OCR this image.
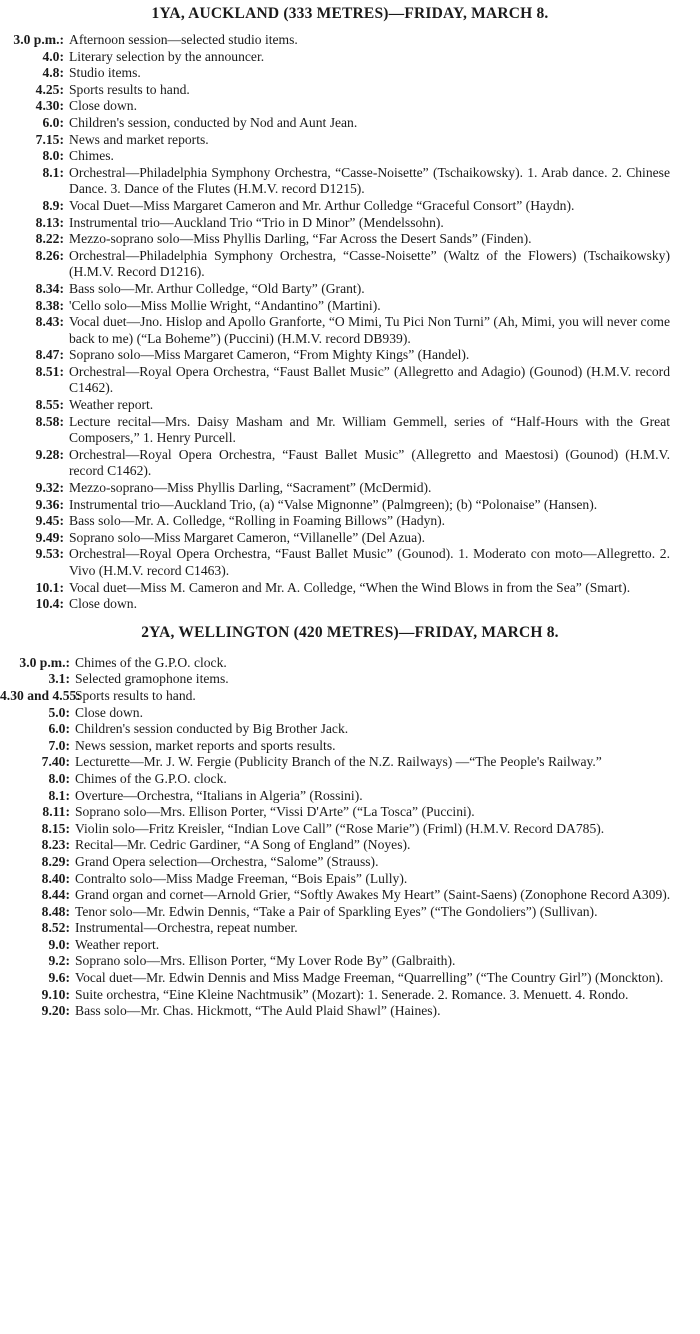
1YA, AUCKLAND (333 METRES)—FRIDAY, MARCH 8.
3.0 p.m.: Afternoon session—selected studio items.
4.0: Literary selection by the announcer.
4.8: Studio items.
4.25: Sports results to hand.
4.30: Close down.
6.0: Children's session, conducted by Nod and Aunt Jean.
7.15: News and market reports.
8.0: Chimes.
8.1: Orchestral—Philadelphia Symphony Orchestra, “Casse-Noisette” (Tschaikowsky). 1. Arab dance. 2. Chinese Dance. 3. Dance of the Flutes (H.M.V. record D1215).
8.9: Vocal Duet—Miss Margaret Cameron and Mr. Arthur Colledge “Graceful Consort” (Haydn).
8.13: Instrumental trio—Auckland Trio “Trio in D Minor” (Mendelssohn).
8.22: Mezzo-soprano solo—Miss Phyllis Darling, “Far Across the Desert Sands” (Finden).
8.26: Orchestral—Philadelphia Symphony Orchestra, “Casse-Noisette” (Waltz of the Flowers) (Tschaikowsky) (H.M.V. Record D1216).
8.34: Bass solo—Mr. Arthur Colledge, “Old Barty” (Grant).
8.38: 'Cello solo—Miss Mollie Wright, “Andantino” (Martini).
8.43: Vocal duet—Jno. Hislop and Apollo Granforte, “O Mimi, Tu Pici Non Turni” (Ah, Mimi, you will never come back to me) (“La Boheme”) (Puccini) (H.M.V. record DB939).
8.47: Soprano solo—Miss Margaret Cameron, “From Mighty Kings” (Handel).
8.51: Orchestral—Royal Opera Orchestra, “Faust Ballet Music” (Allegretto and Adagio) (Gounod) (H.M.V. record C1462).
8.55: Weather report.
8.58: Lecture recital—Mrs. Daisy Masham and Mr. William Gemmell, series of “Half-Hours with the Great Composers,” 1. Henry Purcell.
9.28: Orchestral—Royal Opera Orchestra, “Faust Ballet Music” (Allegretto and Maestosi) (Gounod) (H.M.V. record C1462).
9.32: Mezzo-soprano—Miss Phyllis Darling, “Sacrament” (McDermid).
9.36: Instrumental trio—Auckland Trio, (a) “Valse Mignonne” (Palmgreen); (b) “Polonaise” (Hansen).
9.45: Bass solo—Mr. A. Colledge, “Rolling in Foaming Billows” (Hadyn).
9.49: Soprano solo—Miss Margaret Cameron, “Villanelle” (Del Azua).
9.53: Orchestral—Royal Opera Orchestra, “Faust Ballet Music” (Gounod). 1. Moderato con moto—Allegretto. 2. Vivo (H.M.V. record C1463).
10.1: Vocal duet—Miss M. Cameron and Mr. A. Colledge, “When the Wind Blows in from the Sea” (Smart).
10.4: Close down.
2YA, WELLINGTON (420 METRES)—FRIDAY, MARCH 8.
3.0 p.m.: Chimes of the G.P.O. clock.
3.1: Selected gramophone items.
4.30 and 4.55:
Sports results to hand.
5.0: Close down.
6.0: Children's session conducted by Big Brother Jack.
7.0: News session, market reports and sports results.
7.40: Lecturette—Mr. J. W. Fergie (Publicity Branch of the N.Z. Railways) —“The People's Railway.”
8.0: Chimes of the G.P.O. clock.
8.1: Overture—Orchestra, “Italians in Algeria” (Rossini).
8.11: Soprano solo—Mrs. Ellison Porter, “Vissi D'Arte” (“La Tosca” (Puccini).
8.15: Violin solo—Fritz Kreisler, “Indian Love Call” (“Rose Marie”) (Friml) (H.M.V. Record DA785).
8.23: Recital—Mr. Cedric Gardiner, “A Song of England” (Noyes).
8.29: Grand Opera selection—Orchestra, “Salome” (Strauss).
8.40: Contralto solo—Miss Madge Freeman, “Bois Epais” (Lully).
8.44: Grand organ and cornet—Arnold Grier, “Softly Awakes My Heart” (Saint-Saens) (Zonophone Record A309).
8.48: Tenor solo—Mr. Edwin Dennis, “Take a Pair of Sparkling Eyes” (“The Gondoliers”) (Sullivan).
8.52: Instrumental—Orchestra, repeat number.
9.0: Weather report.
9.2: Soprano solo—Mrs. Ellison Porter, “My Lover Rode By” (Galbraith).
9.6: Vocal duet—Mr. Edwin Dennis and Miss Madge Freeman, “Quarrelling” (“The Country Girl”) (Monckton).
9.10: Suite orchestra, “Eine Kleine Nachtmusik” (Mozart): 1. Senerade. 2. Romance. 3. Menuett. 4. Rondo.
9.20: Bass solo—Mr. Chas. Hickmott, “The Auld Plaid Shawl” (Haines).
